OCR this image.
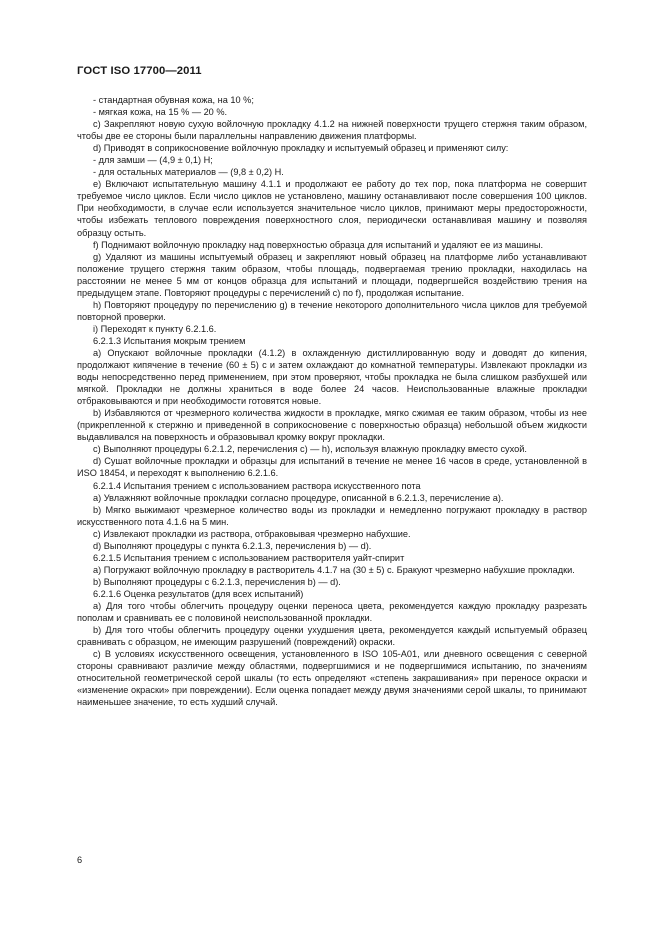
ГОСТ ISO 17700—2011

- стандартная обувная кожа, на 10 %;

- мягкая кожа, на 15 % — 20 %.

c) Закрепляют новую сухую войлочную прокладку 4.1.2 на нижней поверхности трущего стержня таким образом, чтобы две ее стороны были параллельны направлению движения платформы.

d) Приводят в соприкосновение войлочную прокладку и испытуемый образец и применяют силу:

- для замши — (4,9 ± 0,1) Н;

- для остальных материалов — (9,8 ± 0,2) Н.

e) Включают испытательную машину 4.1.1 и продолжают ее работу до тех пор, пока платформа не совершит требуемое число циклов. Если число циклов не установлено, машину останавливают после совершения 100 циклов. При необходимости, в случае если используется значительное число циклов, принимают меры предосторожности, чтобы избежать теплового повреждения поверхностного слоя, периодически останавливая машину и позволяя образцу остыть.

f) Поднимают войлочную прокладку над поверхностью образца для испытаний и удаляют ее из машины.

g) Удаляют из машины испытуемый образец и закрепляют новый образец на платформе либо устанавливают положение трущего стержня таким образом, чтобы площадь, подвергаемая трению прокладки, находилась на расстоянии не менее 5 мм от концов образца для испытаний и площади, подвергшейся воздействию трения на предыдущем этапе. Повторяют процедуры с перечислений c) по f), продолжая испытание.

h) Повторяют процедуру по перечислению g) в течение некоторого дополнительного числа циклов для требуемой повторной проверки.

i) Переходят к пункту 6.2.1.6.

6.2.1.3 Испытания мокрым трением

a) Опускают войлочные прокладки (4.1.2) в охлажденную дистиллированную воду и доводят до кипения, продолжают кипячение в течение (60 ± 5) с и затем охлаждают до комнатной температуры. Извлекают прокладки из воды непосредственно перед применением, при этом проверяют, чтобы прокладка не была слишком разбухшей или мягкой. Прокладки не должны храниться в воде более 24 часов. Неиспользованные влажные прокладки отбраковываются и при необходимости готовятся новые.

b) Избавляются от чрезмерного количества жидкости в прокладке, мягко сжимая ее таким образом, чтобы из нее (прикрепленной к стержню и приведенной в соприкосновение с поверхностью образца) небольшой объем жидкости выдавливался на поверхность и образовывал кромку вокруг прокладки.

c) Выполняют процедуры 6.2.1.2, перечисления с) — h), используя влажную прокладку вместо сухой.

d) Сушат войлочные прокладки и образцы для испытаний в течение не менее 16 часов в среде, установленной в ИSO 18454, и переходят к выполнению 6.2.1.6.

6.2.1.4 Испытания трением с использованием раствора искусственного пота

a) Увлажняют войлочные прокладки согласно процедуре, описанной в 6.2.1.3, перечисление a).

b) Мягко выжимают чрезмерное количество воды из прокладки и немедленно погружают прокладку в раствор искусственного пота 4.1.6 на 5 мин.

c) Извлекают прокладки из раствора, отбраковывая чрезмерно набухшие.

d) Выполняют процедуры с пункта 6.2.1.3, перечисления b) — d).

6.2.1.5 Испытания трением с использованием растворителя уайт-спирит

a) Погружают войлочную прокладку в растворитель 4.1.7 на (30 ± 5) с. Бракуют чрезмерно набухшие прокладки.

b) Выполняют процедуры с 6.2.1.3, перечисления b) — d).

6.2.1.6 Оценка результатов (для всех испытаний)

a) Для того чтобы облегчить процедуру оценки переноса цвета, рекомендуется каждую прокладку разрезать пополам и сравнивать ее с половиной неиспользованной прокладки.

b) Для того чтобы облегчить процедуру оценки ухудшения цвета, рекомендуется каждый испытуемый образец сравнивать с образцом, не имеющим разрушений (повреждений) окраски.

c) В условиях искусственного освещения, установленного в ISO 105-A01, или дневного освещения с северной стороны сравнивают различие между областями, подвергшимися и не подвергшимися испытанию, по значениям относительной геометрической серой шкалы (то есть определяют «степень закрашивания» при переносе окраски и «изменение окраски» при повреждении). Если оценка попадает между двумя значениями серой шкалы, то принимают наименьшее значение, то есть худший случай.

6
